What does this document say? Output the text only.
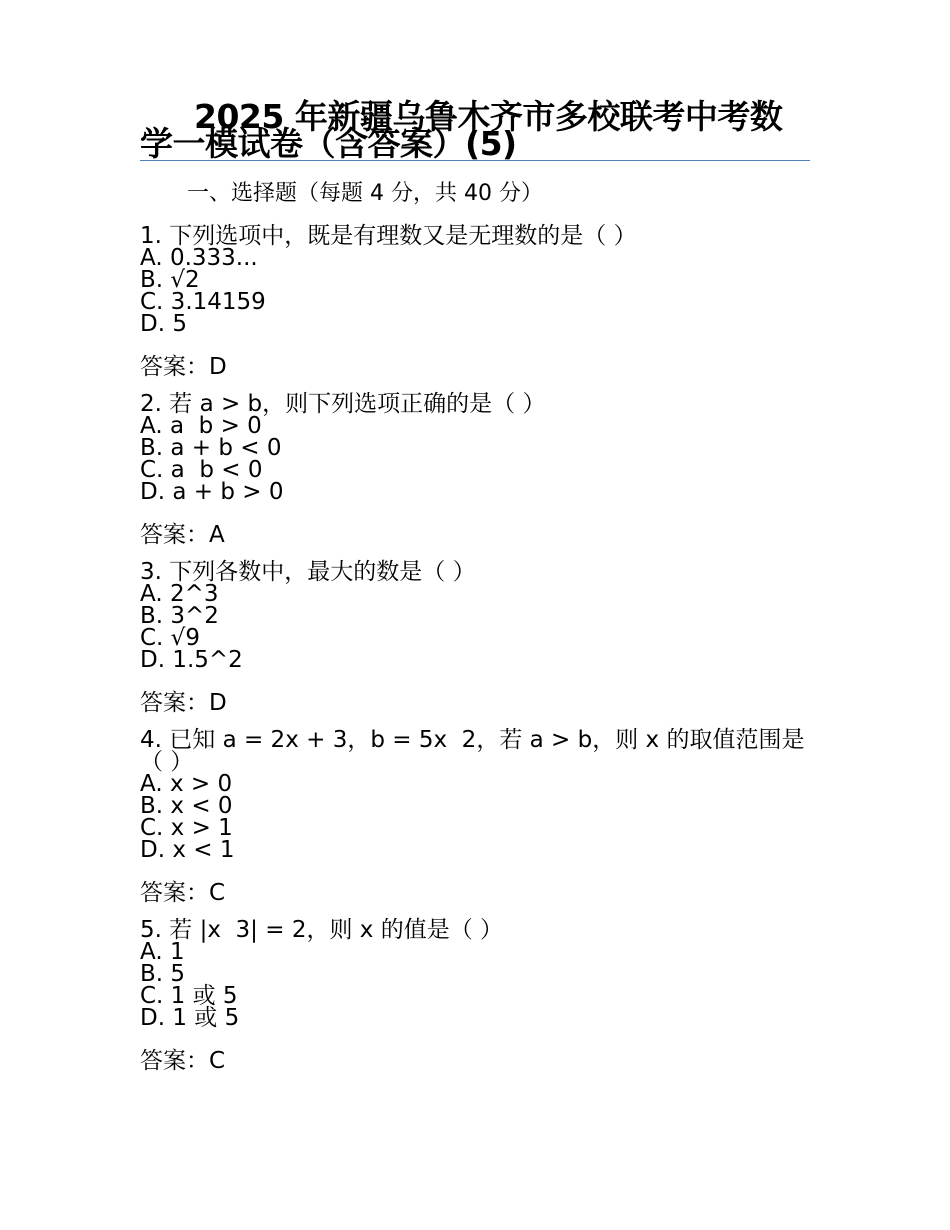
2025 年新疆乌鲁木齐市多校联考中考数学一模试卷（含答案）(5)
一、选择题（每题 4 分，共 40 分）
1. 下列选项中，既是有理数又是无理数的是（ ）
A. 0.333...
B. √2
C. 3.14159
D. 5
答案：D
2. 若 a > b，则下列选项正确的是（ ）
A. a  b > 0
B. a + b < 0
C. a  b < 0
D. a + b > 0
答案：A
3. 下列各数中，最大的数是（ ）
A. 2^3
B. 3^2
C. √9
D. 1.5^2
答案：D
4. 已知 a = 2x + 3，b = 5x  2，若 a > b，则 x 的取值范围是（ ）
A. x > 0
B. x < 0
C. x > 1
D. x < 1
答案：C
5. 若 |x  3| = 2，则 x 的值是（ ）
A. 1
B. 5
C. 1 或 5
D. 1 或 5
答案：C
